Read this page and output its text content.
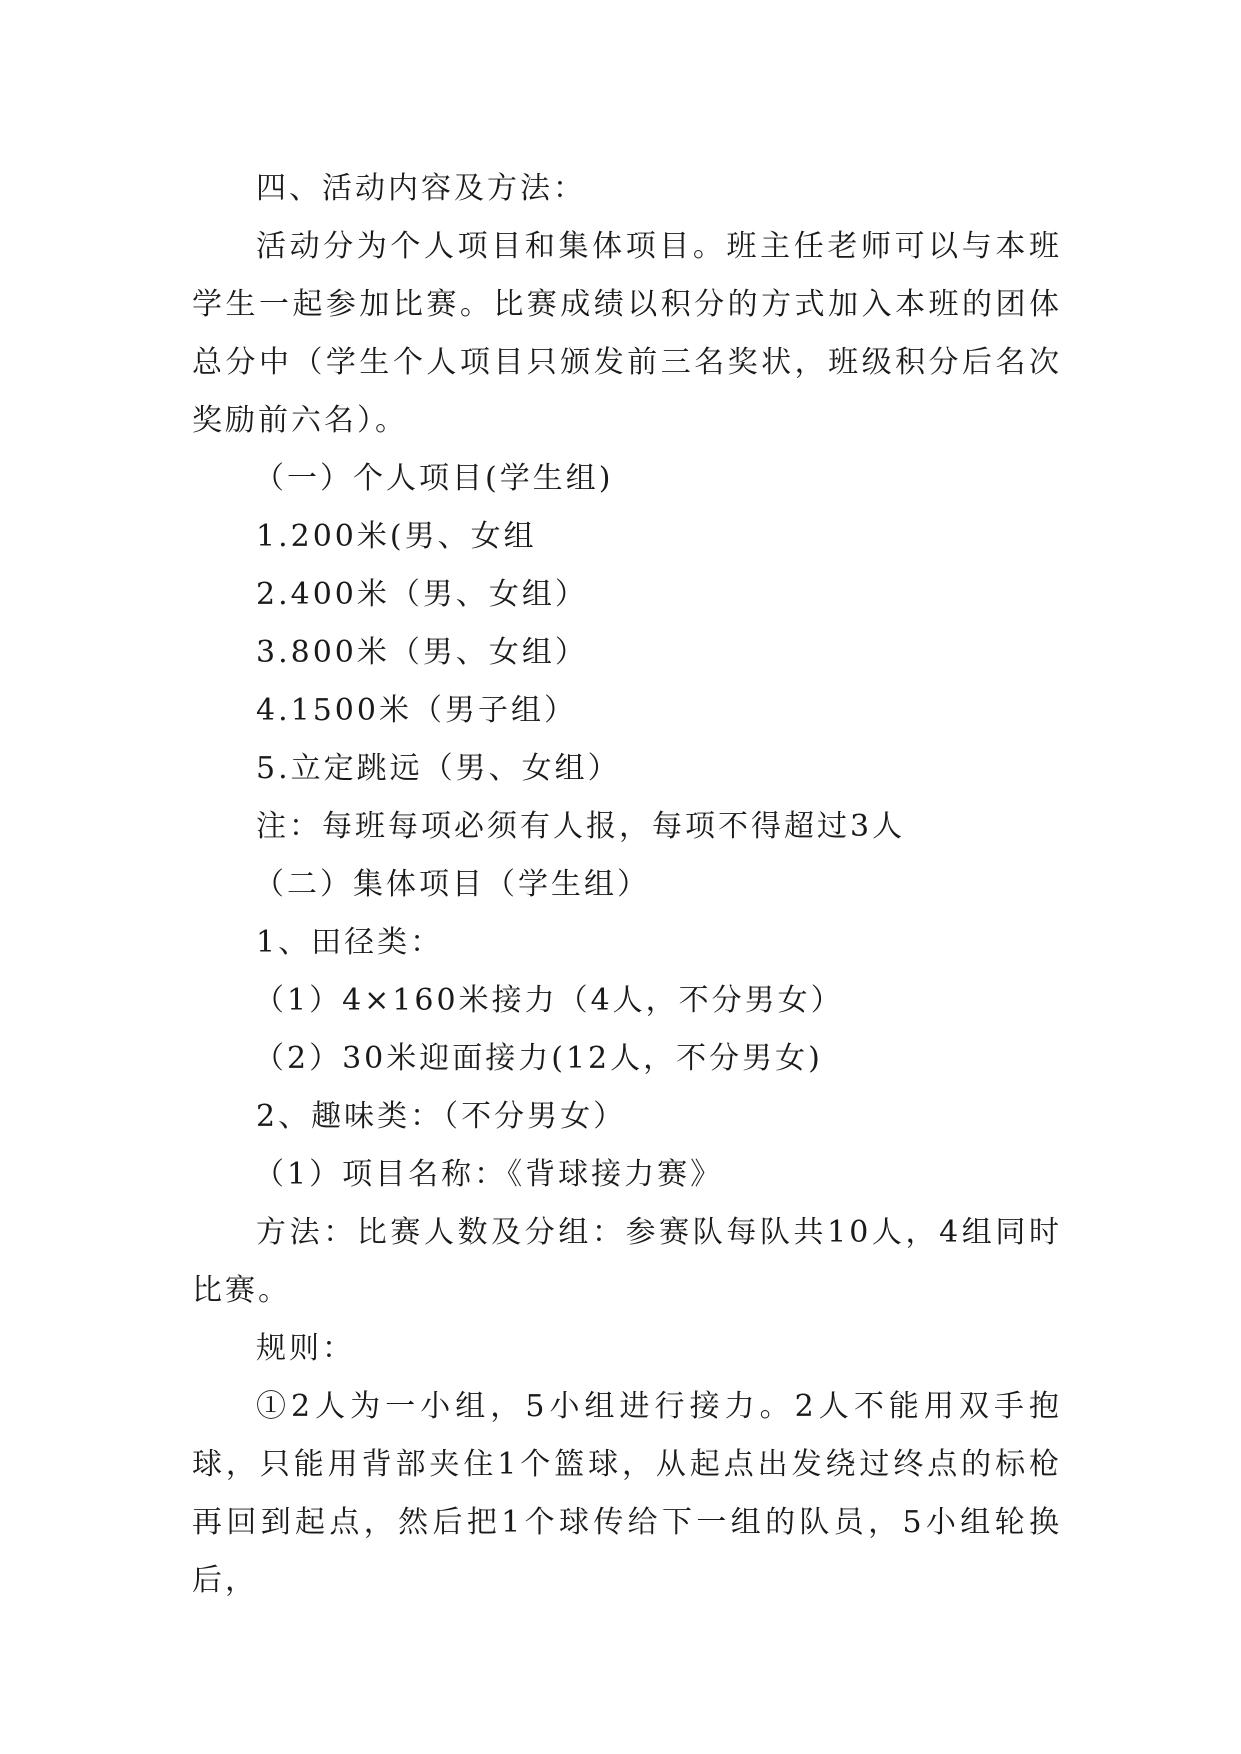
四、活动内容及方法：

活动分为个人项目和集体项目。班主任老师可以与本班学生一起参加比赛。比赛成绩以积分的方式加入本班的团体总分中（学生个人项目只颁发前三名奖状，班级积分后名次奖励前六名）。

（一）个人项目(学生组)

1.200米(男、女组

2.400米（男、女组）

3.800米（男、女组）

4.1500米（男子组）

5.立定跳远（男、女组）

注：每班每项必须有人报，每项不得超过3人

（二）集体项目（学生组）

1、田径类：

（1）4×160米接力（4人，不分男女）

（2）30米迎面接力(12人，不分男女)

2、趣味类：（不分男女）

（1）项目名称：《背球接力赛》

方法：比赛人数及分组：参赛队每队共10人，4组同时比赛。

规则：

①2人为一小组，5小组进行接力。2人不能用双手抱球，只能用背部夹住1个篮球，从起点出发绕过终点的标枪再回到起点，然后把1个球传给下一组的队员，5小组轮换后，
